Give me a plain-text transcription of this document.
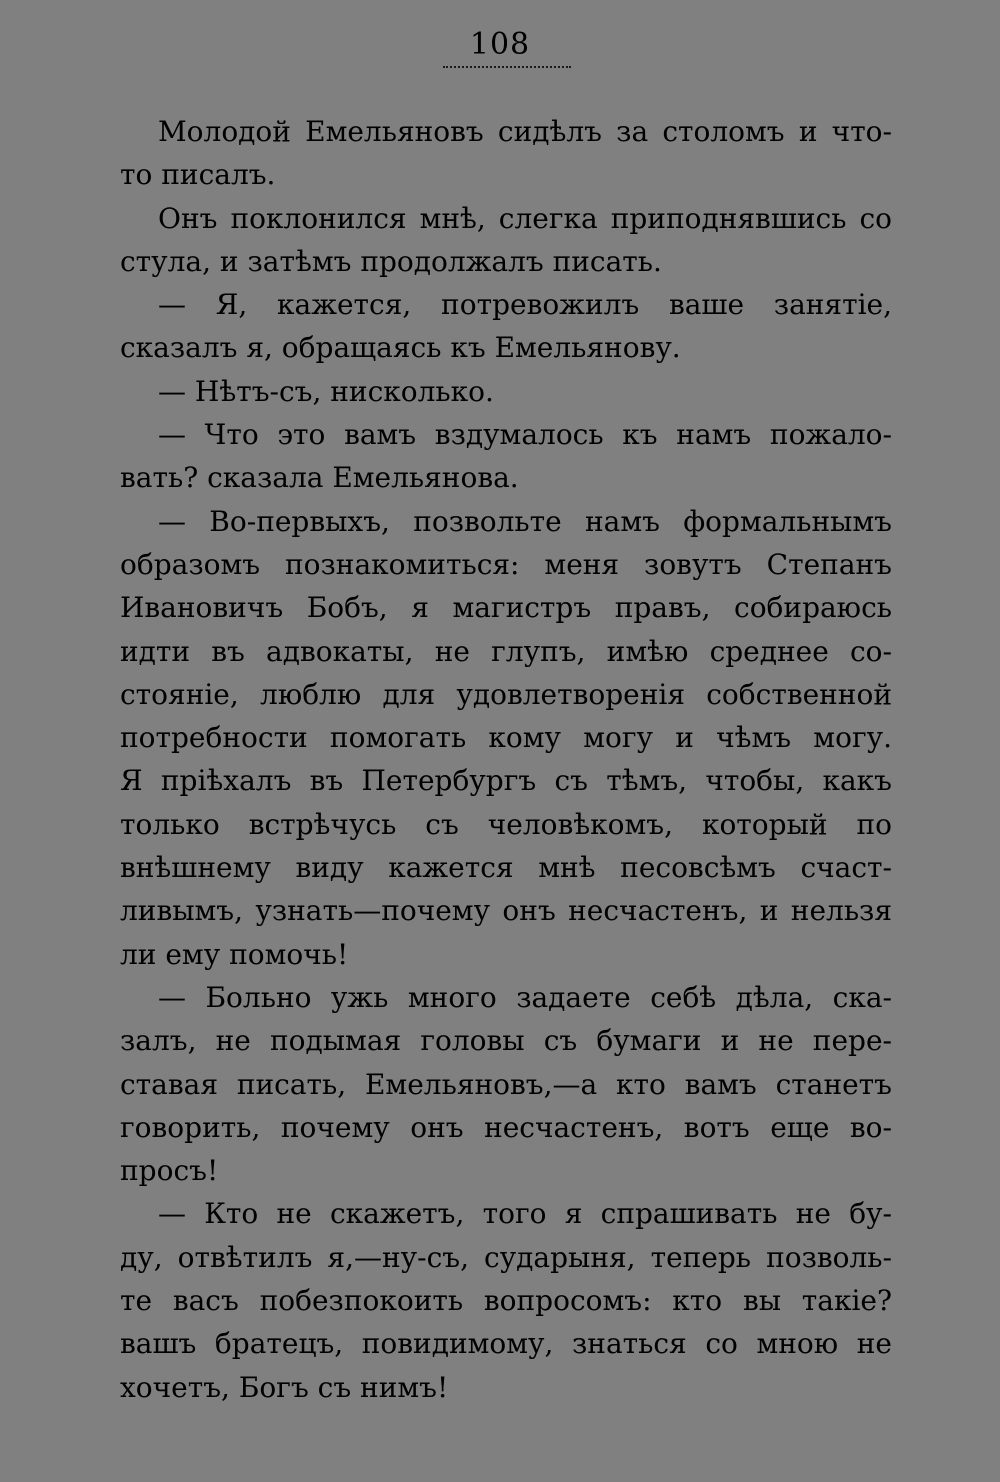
108
Молодой Емельяновъ сидѣлъ за столомъ и что-
то писалъ.
Онъ поклонился мнѣ, слегка приподнявшись со
стула, и затѣмъ продолжалъ писать.
— Я, кажется, потревожилъ ваше занятіе,
сказалъ я, обращаясь къ Емельянову.
— Нѣтъ-съ, нисколько.
— Что это вамъ вздумалось къ намъ пожало-
вать? сказала Емельянова.
— Во-первыхъ, позвольте намъ формальнымъ
образомъ познакомиться: меня зовутъ Степанъ
Ивановичъ Бобъ, я магистръ правъ, собираюсь
идти въ адвокаты, не глупъ, имѣю среднее со-
стояніе, люблю для удовлетворенія собственной
потребности помогать кому могу и чѣмъ могу.
Я пріѣхалъ въ Петербургъ съ тѣмъ, чтобы, какъ
только встрѣчусь съ человѣкомъ, который по
внѣшнему виду кажется мнѣ песовсѣмъ счаст-
ливымъ, узнать—почему онъ несчастенъ, и нельзя
ли ему помочь!
— Больно ужь много задаете себѣ дѣла, ска-
залъ, не подымая головы съ бумаги и не пере-
ставая писать, Емельяновъ,—а кто вамъ станетъ
говорить, почему онъ несчастенъ, вотъ еще во-
просъ!
— Кто не скажетъ, того я спрашивать не бу-
ду, отвѣтилъ я,—ну-съ, сударыня, теперь позволь-
те васъ побезпокоить вопросомъ: кто вы такіе?
вашъ братецъ, повидимому, знаться со мною не
хочетъ, Богъ съ нимъ!
